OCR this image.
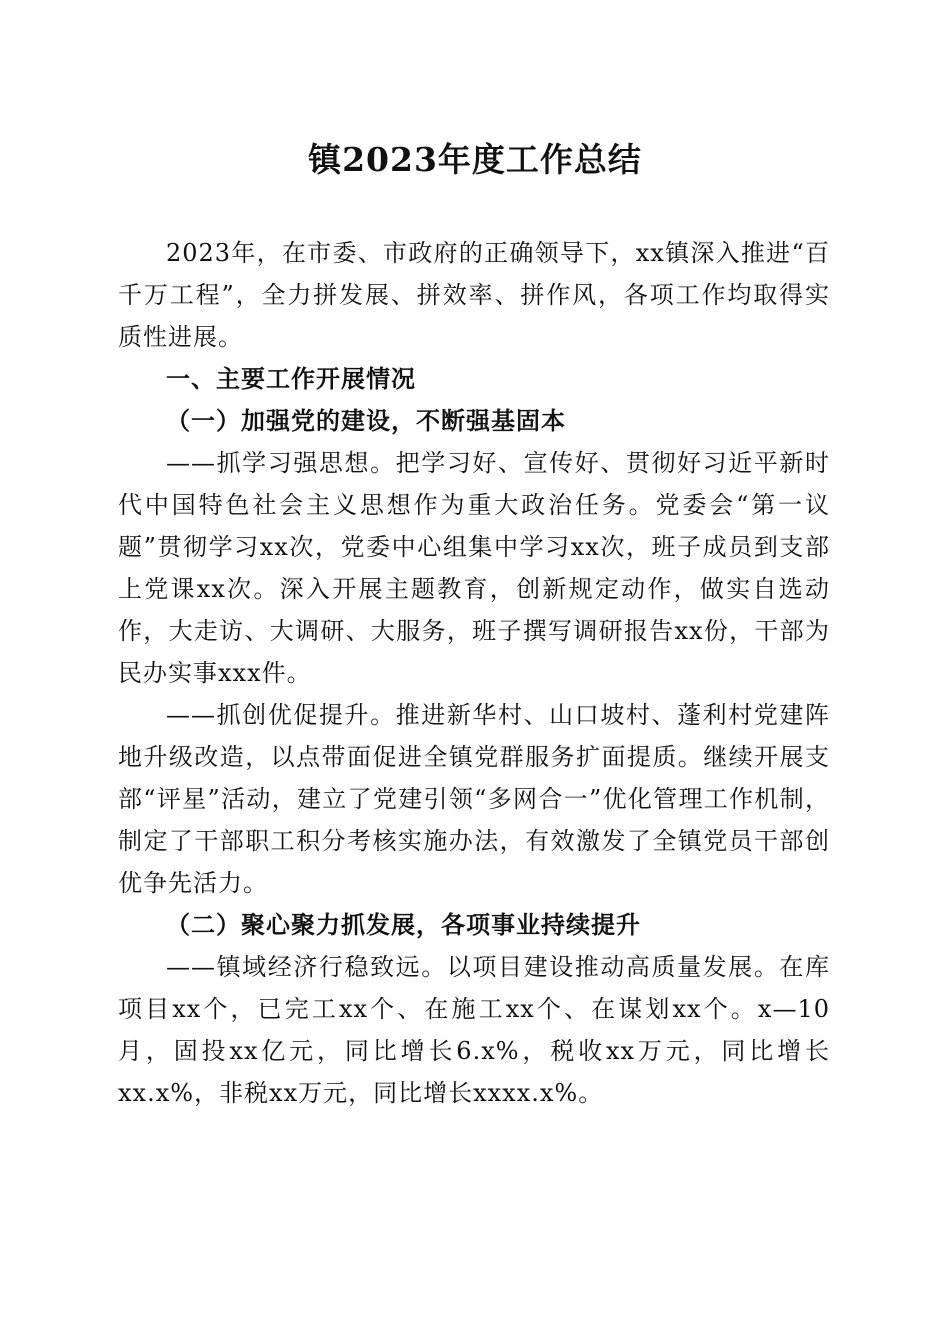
镇2023年度工作总结

2023年，在市委、市政府的正确领导下，xx镇深入推进“百千万工程”，全力拼发展、拼效率、拼作风，各项工作均取得实质性进展。

一、主要工作开展情况

（一）加强党的建设，不断强基固本

——抓学习强思想。把学习好、宣传好、贯彻好习近平新时代中国特色社会主义思想作为重大政治任务。党委会“第一议题”贯彻学习xx次，党委中心组集中学习xx次，班子成员到支部上党课xx次。深入开展主题教育，创新规定动作，做实自选动作，大走访、大调研、大服务，班子撰写调研报告xx份，干部为民办实事xxx件。

——抓创优促提升。推进新华村、山口坡村、蓬利村党建阵地升级改造，以点带面促进全镇党群服务扩面提质。继续开展支部“评星”活动，建立了党建引领“多网合一”优化管理工作机制，制定了干部职工积分考核实施办法，有效激发了全镇党员干部创优争先活力。

（二）聚心聚力抓发展，各项事业持续提升

——镇域经济行稳致远。以项目建设推动高质量发展。在库项目xx个，已完工xx个、在施工xx个、在谋划xx个。x—10月，固投xx亿元，同比增长6.x%，税收xx万元，同比增长xx.x%，非税xx万元，同比增长xxxx.x%。
